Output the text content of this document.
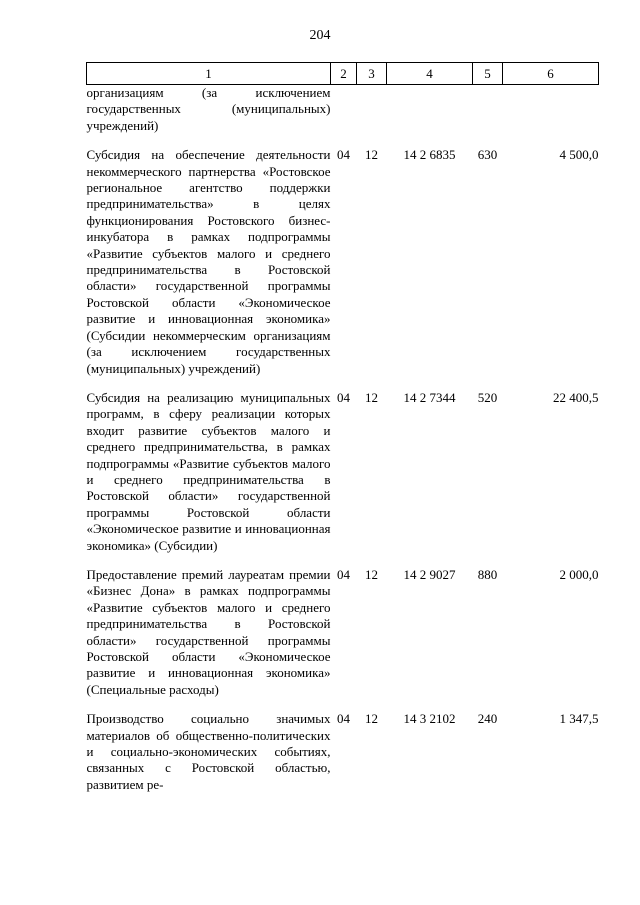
204
1	2	3	4	5	6
организациям (за исключением государственных (муниципальных) учреждений)					

Субсидия на обеспечение деятельности некоммерческого партнерства «Ростовское региональное агентство поддержки предпринимательства» в целях функционирования Ростовского бизнес-инкубатора в рамках подпрограммы «Развитие субъектов малого и среднего предпринимательства в Ростовской области» государственной программы Ростовской области «Экономическое развитие и инновационная экономика» (Субсидии некоммерческим организациям (за исключением государственных (муниципальных) учреждений)	04	12	14 2 6835	630	4 500,0

Субсидия на реализацию муниципальных программ, в сферу реализации которых входит развитие субъектов малого и среднего предпринимательства, в рамках подпрограммы «Развитие субъектов малого и среднего предпринимательства в Ростовской области» государственной программы Ростовской области «Экономическое развитие и инновационная экономика» (Субсидии)	04	12	14 2 7344	520	22 400,5

Предоставление премий лауреатам премии «Бизнес Дона» в рамках подпрограммы «Развитие субъектов малого и среднего предпринимательства в Ростовской области» государственной программы Ростовской области «Экономическое развитие и инновационная экономика» (Специальные расходы)	04	12	14 2 9027	880	2 000,0

Производство социально значимых материалов об общественно-политических и социально-экономических событиях, связанных с Ростовской областью, развитием ре-	04	12	14 3 2102	240	1 347,5
